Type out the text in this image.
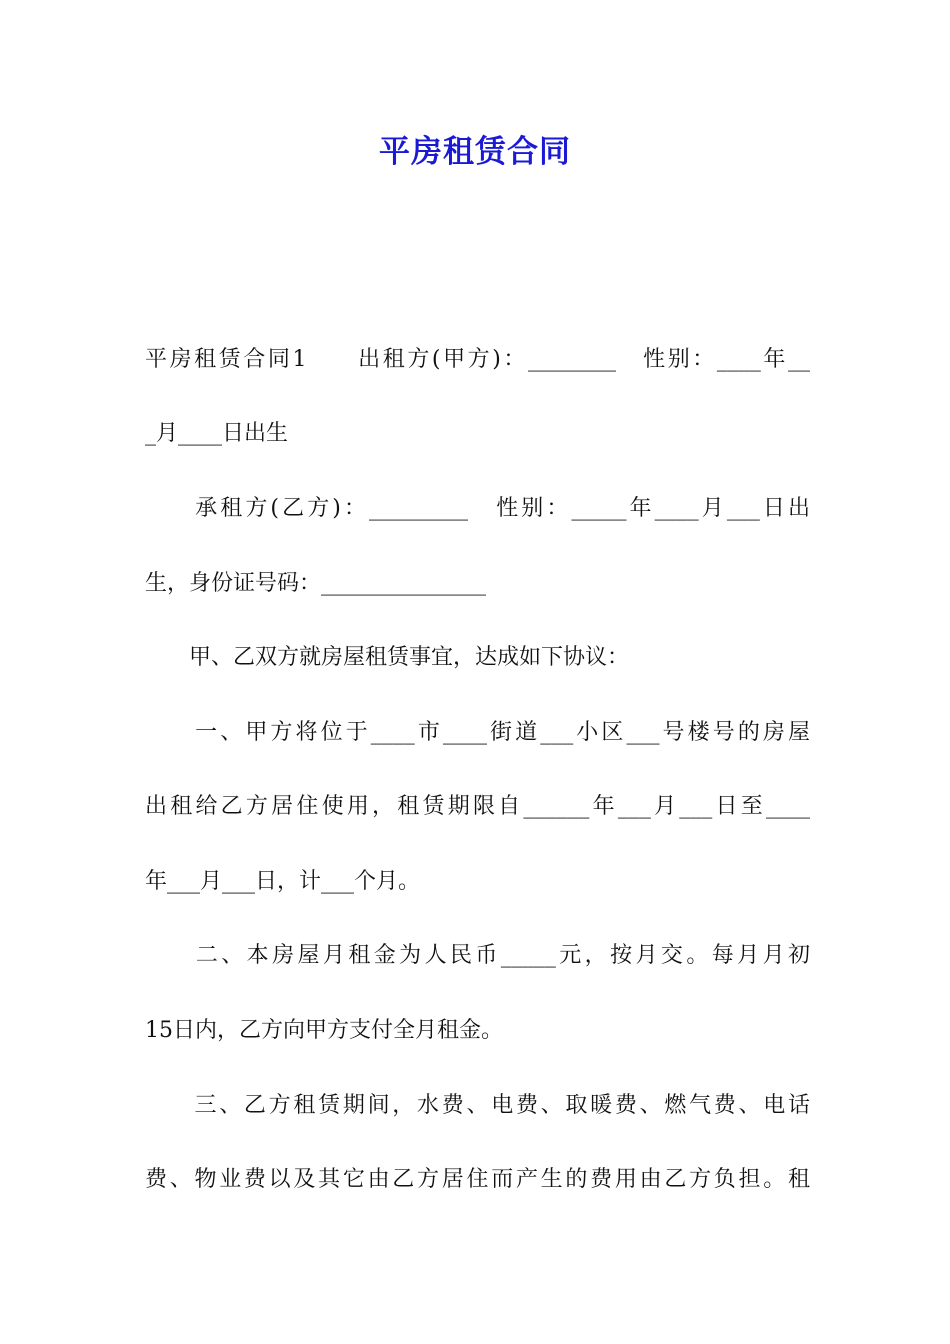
平房租赁合同
平房租赁合同1　　出租方(甲方)：________　性别：____年__
_月____日出生
　　承租方(乙方)：_________　性别：_____年____月___日出
生，身份证号码：_______________
　　甲、乙双方就房屋租赁事宜，达成如下协议：
　　一、甲方将位于____市____街道___小区___号楼号的房屋
出租给乙方居住使用，租赁期限自______年___月___日至____
年___月___日，计___个月。
　　二、本房屋月租金为人民币_____元，按月交。每月月初
15日内，乙方向甲方支付全月租金。
　　三、乙方租赁期间，水费、电费、取暖费、燃气费、电话
费、物业费以及其它由乙方居住而产生的费用由乙方负担。租
